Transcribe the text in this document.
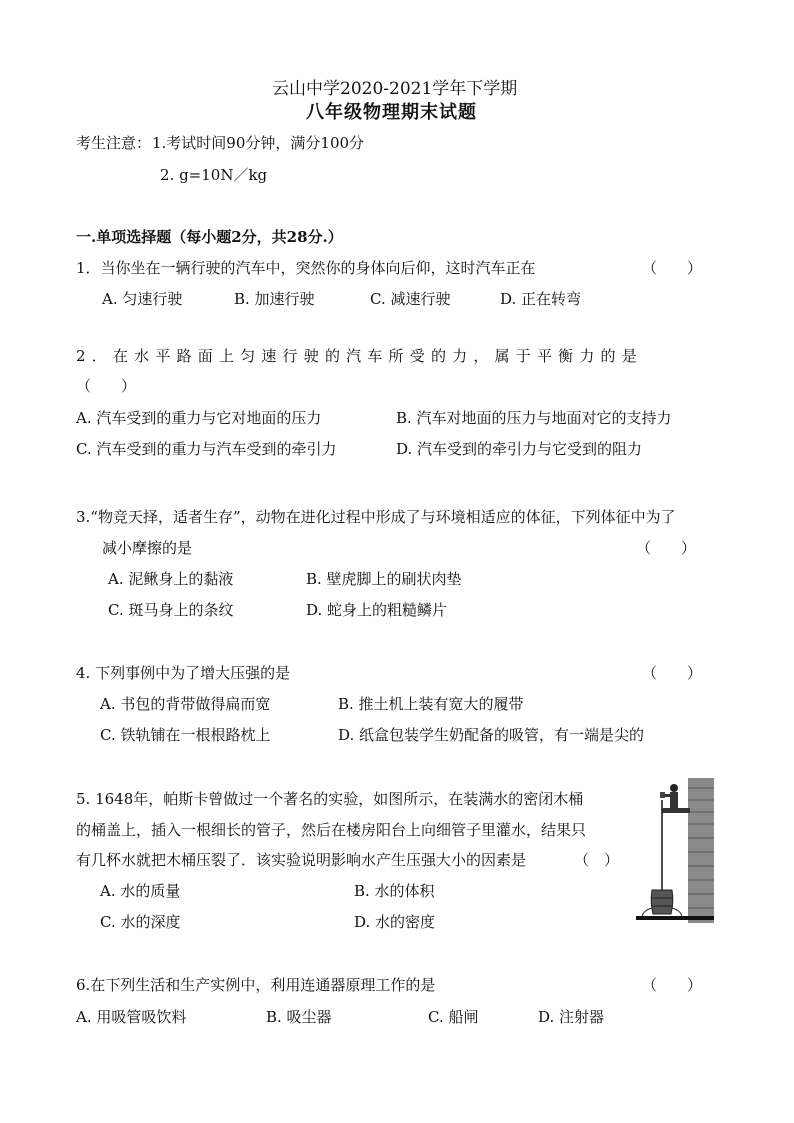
云山中学2020-2021学年下学期
八年级物理期末试题
考生注意： 1.考试时间90分钟，满分100分
2. g=10N／kg
一.单项选择题（每小题2分，共28分.）
1．当你坐在一辆行驶的汽车中，突然你的身体向后仰，这时汽车正在	（　　）
A. 匀速行驶	B. 加速行驶	C. 减速行驶	D. 正在转弯
2．在水平路面上匀速行驶的汽车所受的力，属于平衡力的是
（　　）
A. 汽车受到的重力与它对地面的压力	B. 汽车对地面的压力与地面对它的支持力
C. 汽车受到的重力与汽车受到的牵引力	D. 汽车受到的牵引力与它受到的阻力
3.“物竞天择，适者生存”，动物在进化过程中形成了与环境相适应的体征，下列体征中为了
减小摩擦的是	（　　）
A. 泥鳅身上的黏液	B. 壁虎脚上的刷状肉垫
C. 斑马身上的条纹	D. 蛇身上的粗糙鳞片
4. 下列事例中为了增大压强的是	（　　）
A. 书包的背带做得扁而宽	B. 推土机上装有宽大的履带
C. 铁轨铺在一根根路枕上	D. 纸盒包装学生奶配备的吸管，有一端是尖的
5. 1648年，帕斯卡曾做过一个著名的实验，如图所示，在装满水的密闭木桶
的桶盖上，插入一根细长的管子，然后在楼房阳台上向细管子里灌水，结果只
有几杯水就把木桶压裂了．该实验说明影响水产生压强大小的因素是	（　）
A. 水的质量	B. 水的体积
C. 水的深度	D. 水的密度
6.在下列生活和生产实例中，利用连通器原理工作的是	（　　）
A. 用吸管吸饮料	B. 吸尘器	C. 船闸	D. 注射器
